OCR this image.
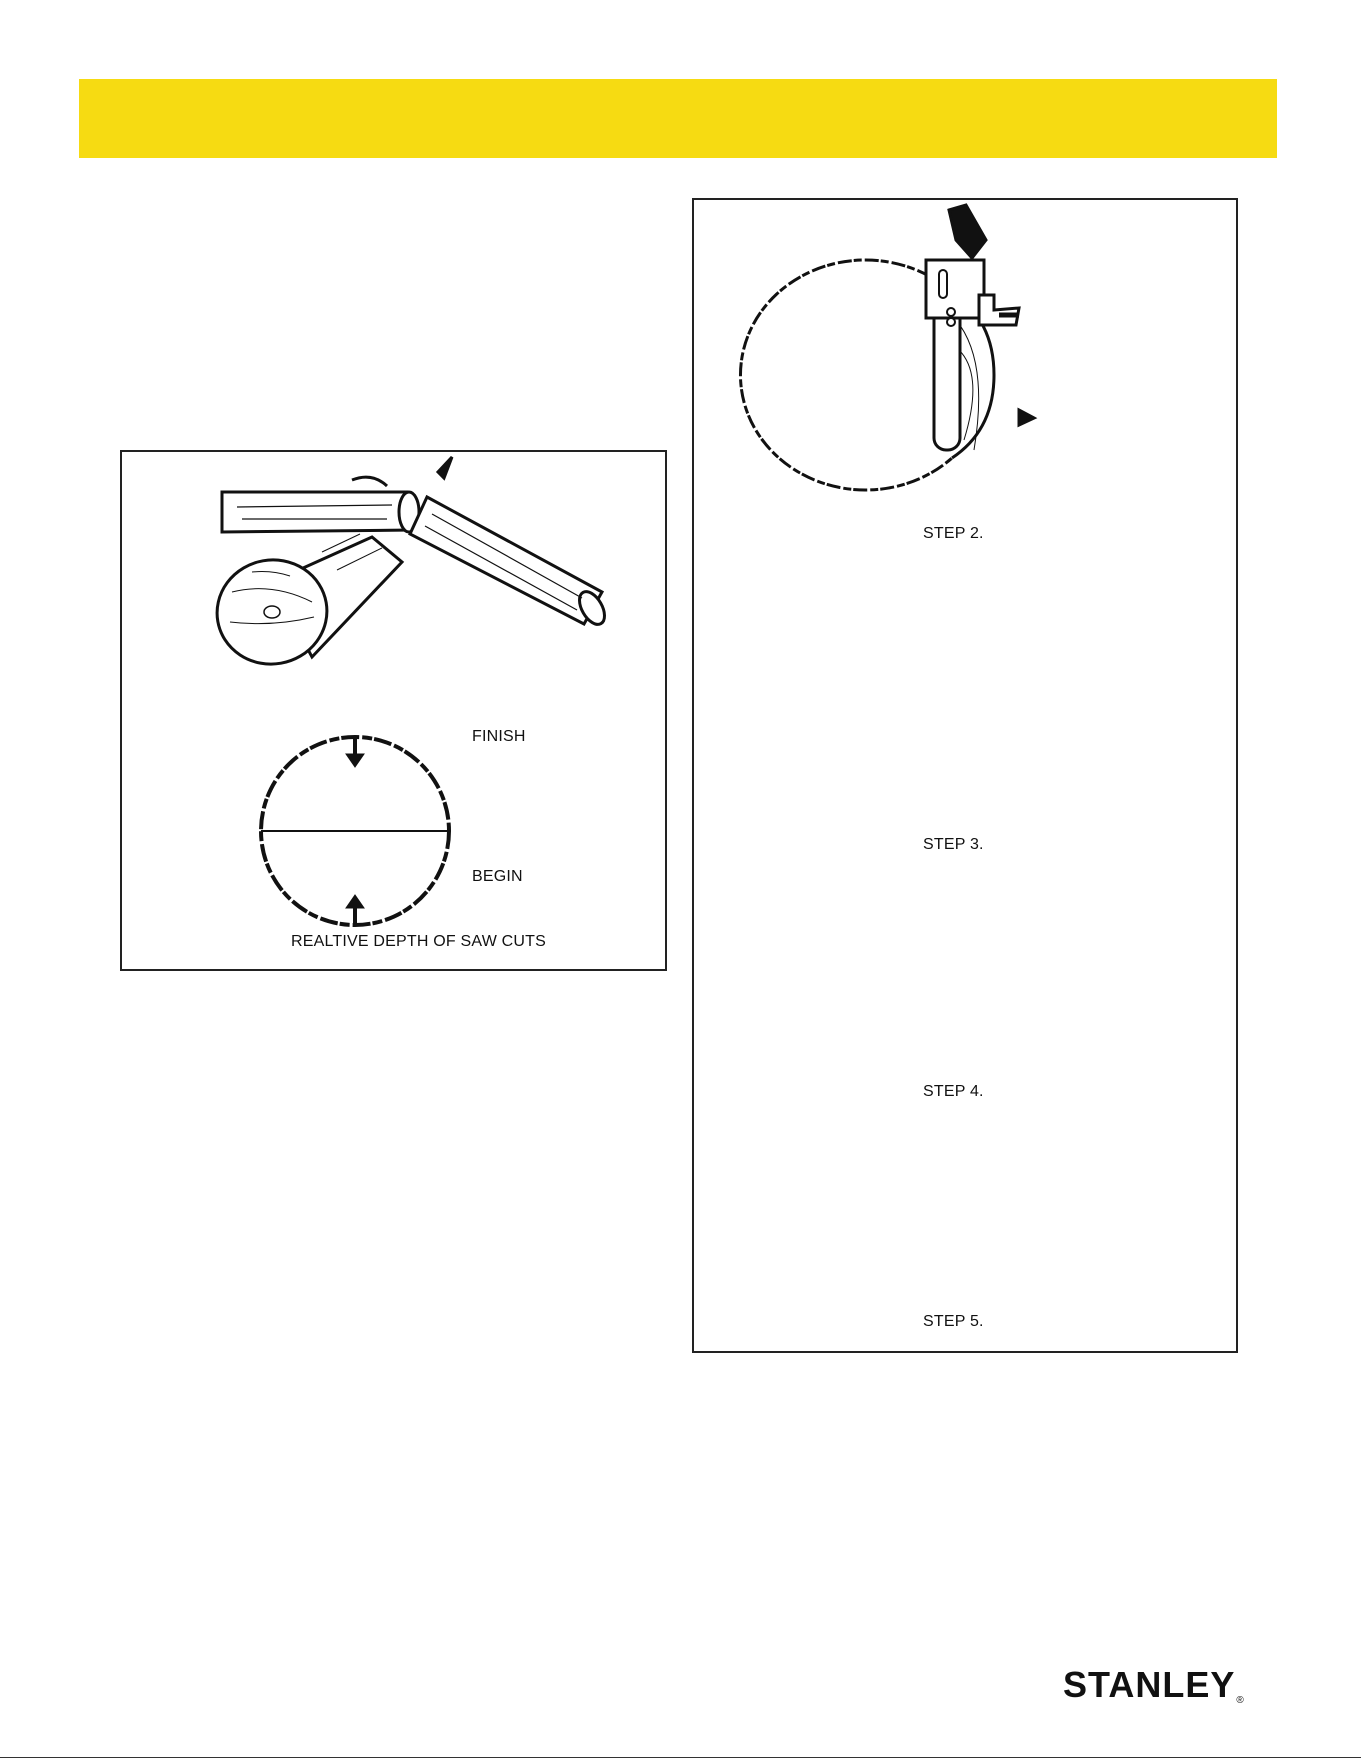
FINISH
BEGIN
REALTIVE DEPTH OF SAW CUTS
STEP 2.
STEP 3.
STEP 4.
STEP 5.
STANLEY®
